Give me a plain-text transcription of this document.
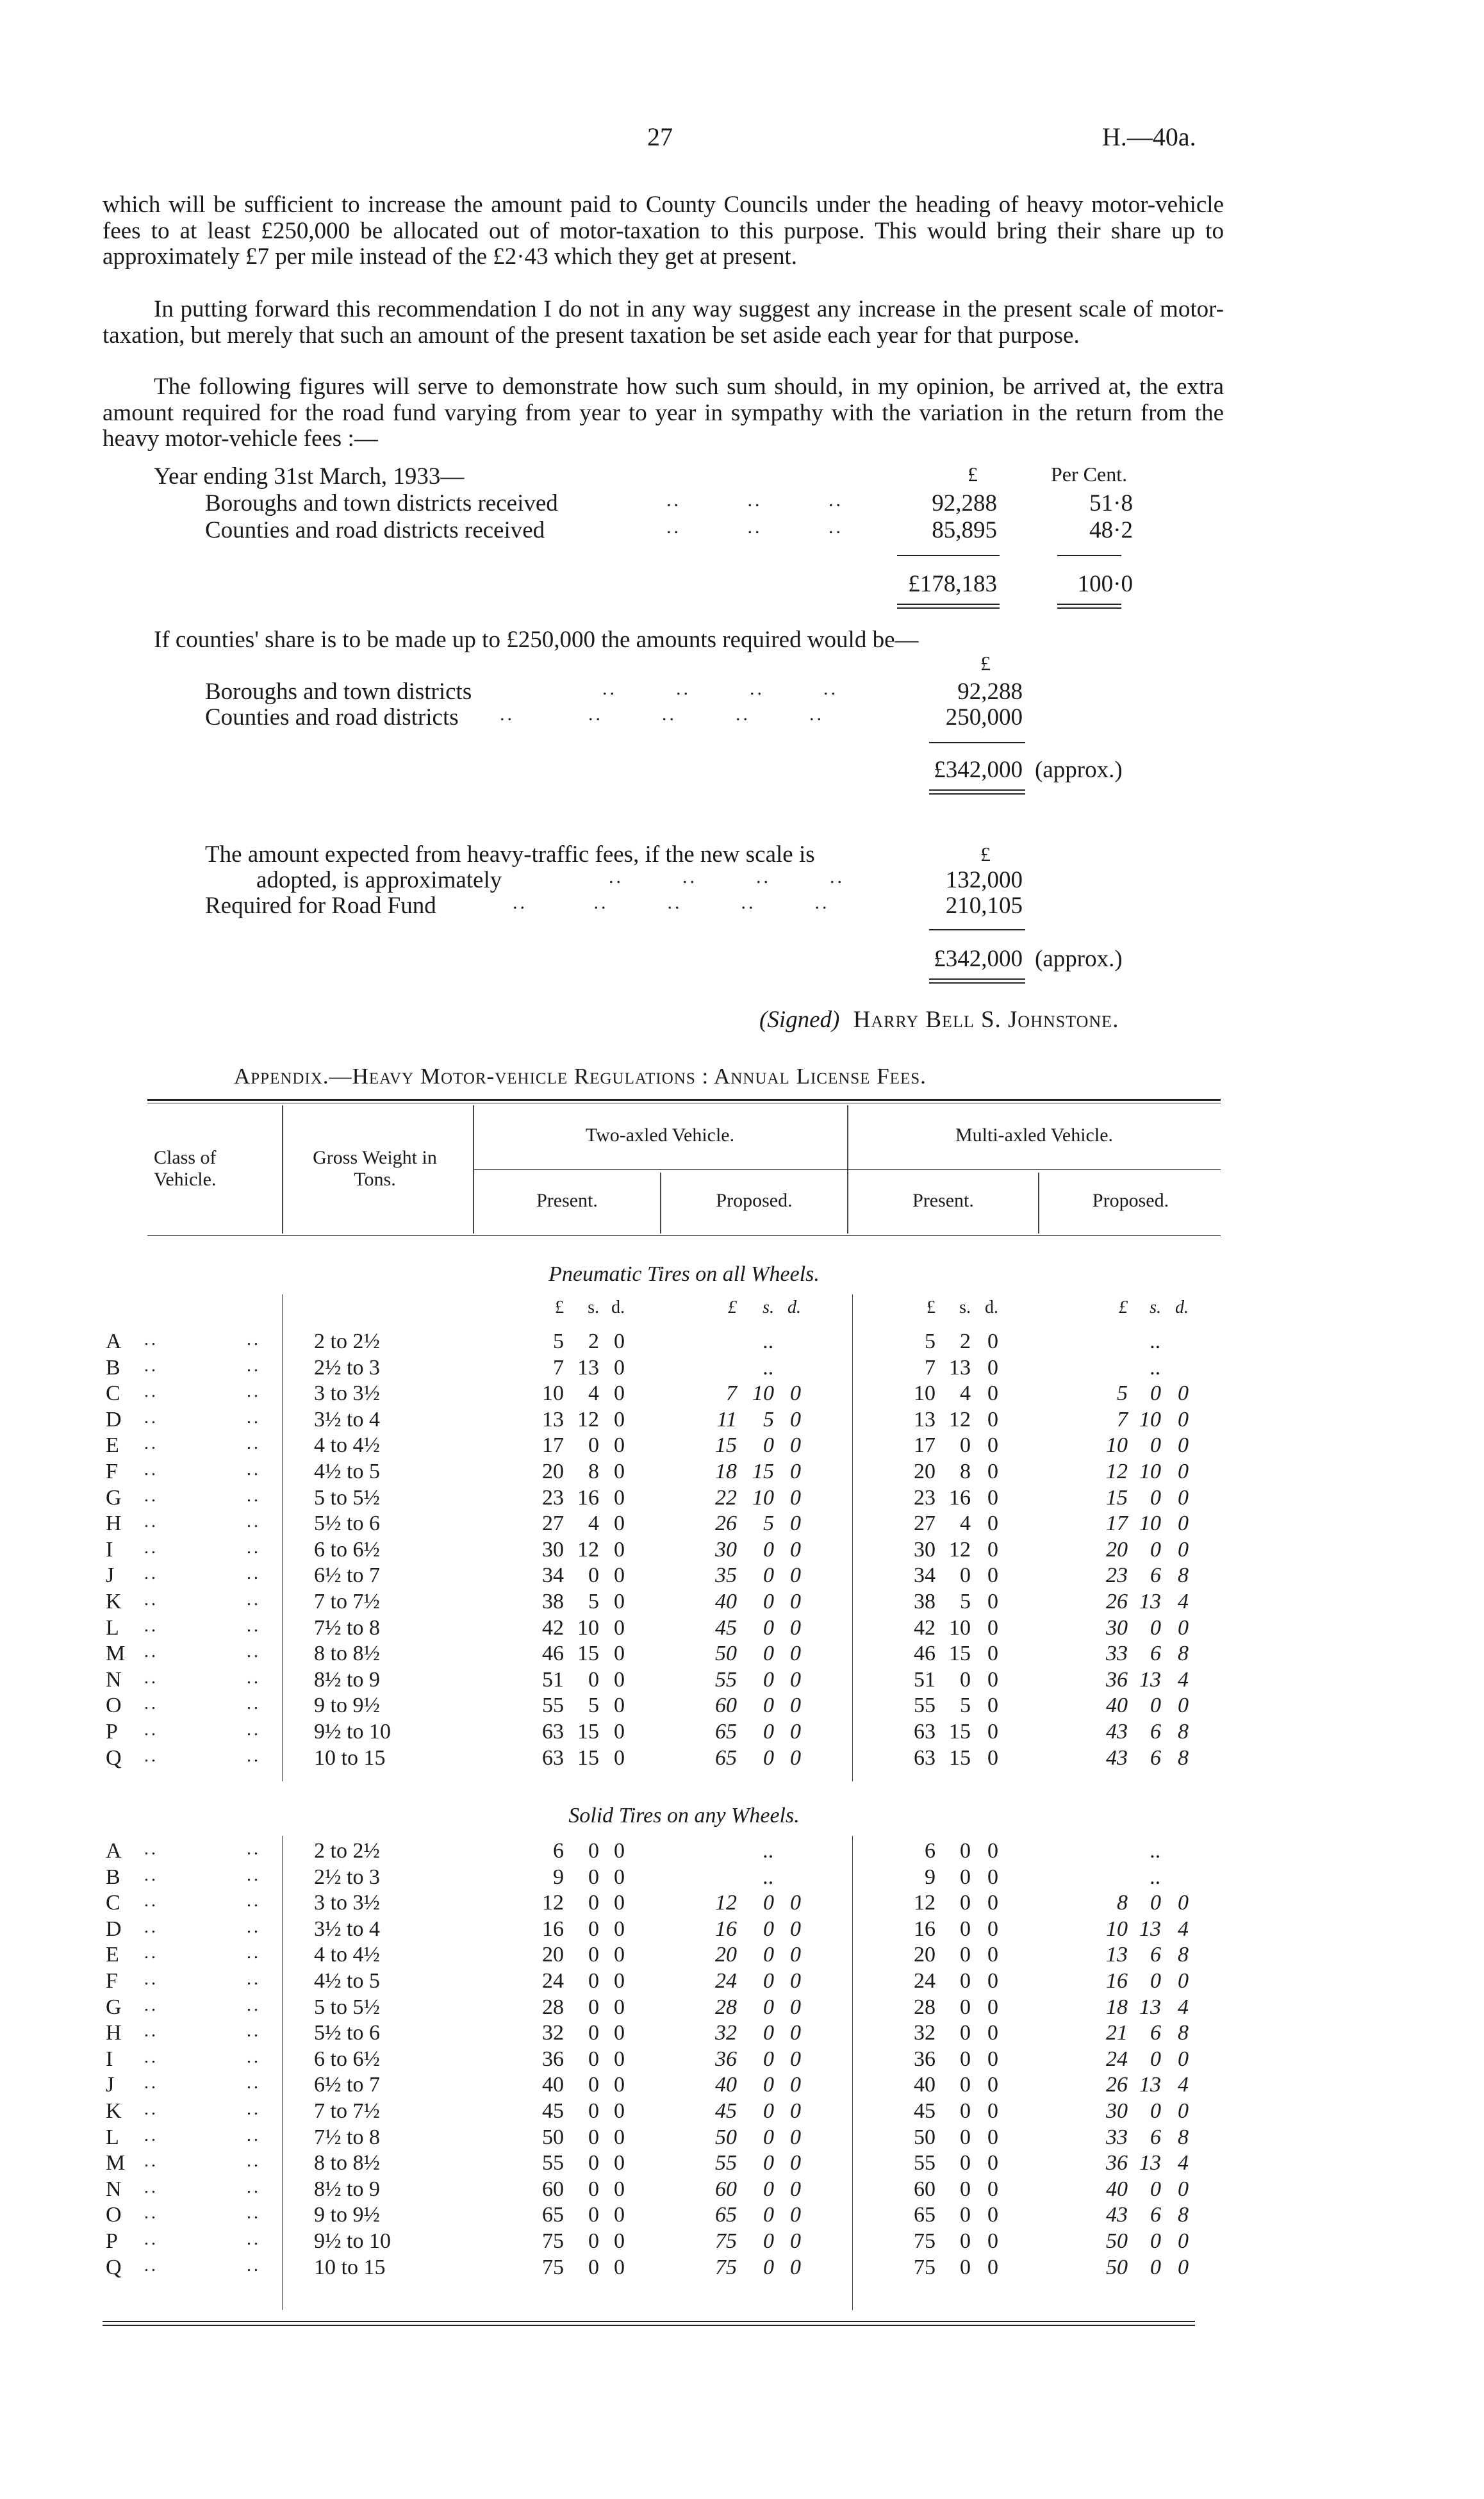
27	H.—40a.
which will be sufficient to increase the amount paid to County Councils under the heading of heavy motor-vehicle fees to at least £250,000 be allocated out of motor-taxation to this purpose. This would bring their share up to approximately £7 per mile instead of the £2·43 which they get at present.
In putting forward this recommendation I do not in any way suggest any increase in the present scale of motor-taxation, but merely that such an amount of the present taxation be set aside each year for that purpose.
The following figures will serve to demonstrate how such sum should, in my opinion, be arrived at, the extra amount required for the road fund varying from year to year in sympathy with the variation in the return from the heavy motor-vehicle fees :—
Year ending 31st March, 1933—	£	Per Cent.
Boroughs and town districts received	..         ..         ..	92,288	51·8
Counties and road districts received	..         ..         ..	85,895	48·2
£178,183	100·0
If counties' share is to be made up to £250,000 the amounts required would be—
£
Boroughs and town districts	..        ..        ..        ..	92,288
Counties and road districts ..          ..        ..        ..        ..	250,000
£342,000 (approx.)
£
The amount expected from heavy-traffic fees, if the new scale is
adopted, is approximately	..        ..        ..        ..	132,000
Required for Road Fund	..         ..        ..        ..        ..	210,105
£342,000 (approx.)
(Signed) Harry Bell S. Johnstone.
Appendix.—Heavy Motor-vehicle Regulations : Annual License Fees.
Class of Vehicle.
Gross Weight in Tons.
Two-axled Vehicle.	Multi-axled Vehicle.
Present.	Proposed.	Present.	Proposed.
Pneumatic Tires on all Wheels.
£ s. d.	£ s. d.	£ s. d.	£ s. d.
A ..	.. 2 to 2½	5 2 0	..	5 2 0	..
B ..	.. 2½ to 3	7 13 0	..	7 13 0	..
C ..	.. 3 to 3½	10 4 0	7 10 0	10 4 0	5 0 0
D ..	.. 3½ to 4	13 12 0	11 5 0	13 12 0	7 10 0
E ..	.. 4 to 4½	17 0 0	15 0 0	17 0 0	10 0 0
F ..	.. 4½ to 5	20 8 0	18 15 0	20 8 0	12 10 0
G ..	.. 5 to 5½	23 16 0	22 10 0	23 16 0	15 0 0
H ..	.. 5½ to 6	27 4 0	26 5 0	27 4 0	17 10 0
I ..	.. 6 to 6½	30 12 0	30 0 0	30 12 0	20 0 0
J ..	.. 6½ to 7	34 0 0	35 0 0	34 0 0	23 6 8
K ..	.. 7 to 7½	38 5 0	40 0 0	38 5 0	26 13 4
L ..	.. 7½ to 8	42 10 0	45 0 0	42 10 0	30 0 0
M ..	.. 8 to 8½	46 15 0	50 0 0	46 15 0	33 6 8
N ..	.. 8½ to 9	51 0 0	55 0 0	51 0 0	36 13 4
O ..	.. 9 to 9½	55 5 0	60 0 0	55 5 0	40 0 0
P ..	.. 9½ to 10	63 15 0	65 0 0	63 15 0	43 6 8
Q ..	.. 10 to 15	63 15 0	65 0 0	63 15 0	43 6 8
Solid Tires on any Wheels.
A ..	.. 2 to 2½	6 0 0	..	6 0 0	..
B ..	.. 2½ to 3	9 0 0	..	9 0 0	..
C ..	.. 3 to 3½	12 0 0	12 0 0	12 0 0	8 0 0
D ..	.. 3½ to 4	16 0 0	16 0 0	16 0 0	10 13 4
E ..	.. 4 to 4½	20 0 0	20 0 0	20 0 0	13 6 8
F ..	.. 4½ to 5	24 0 0	24 0 0	24 0 0	16 0 0
G ..	.. 5 to 5½	28 0 0	28 0 0	28 0 0	18 13 4
H ..	.. 5½ to 6	32 0 0	32 0 0	32 0 0	21 6 8
I ..	.. 6 to 6½	36 0 0	36 0 0	36 0 0	24 0 0
J ..	.. 6½ to 7	40 0 0	40 0 0	40 0 0	26 13 4
K ..	.. 7 to 7½	45 0 0	45 0 0	45 0 0	30 0 0
L ..	.. 7½ to 8	50 0 0	50 0 0	50 0 0	33 6 8
M ..	.. 8 to 8½	55 0 0	55 0 0	55 0 0	36 13 4
N ..	.. 8½ to 9	60 0 0	60 0 0	60 0 0	40 0 0
O ..	.. 9 to 9½	65 0 0	65 0 0	65 0 0	43 6 8
P ..	.. 9½ to 10	75 0 0	75 0 0	75 0 0	50 0 0
Q ..	.. 10 to 15	75 0 0	75 0 0	75 0 0	50 0 0
